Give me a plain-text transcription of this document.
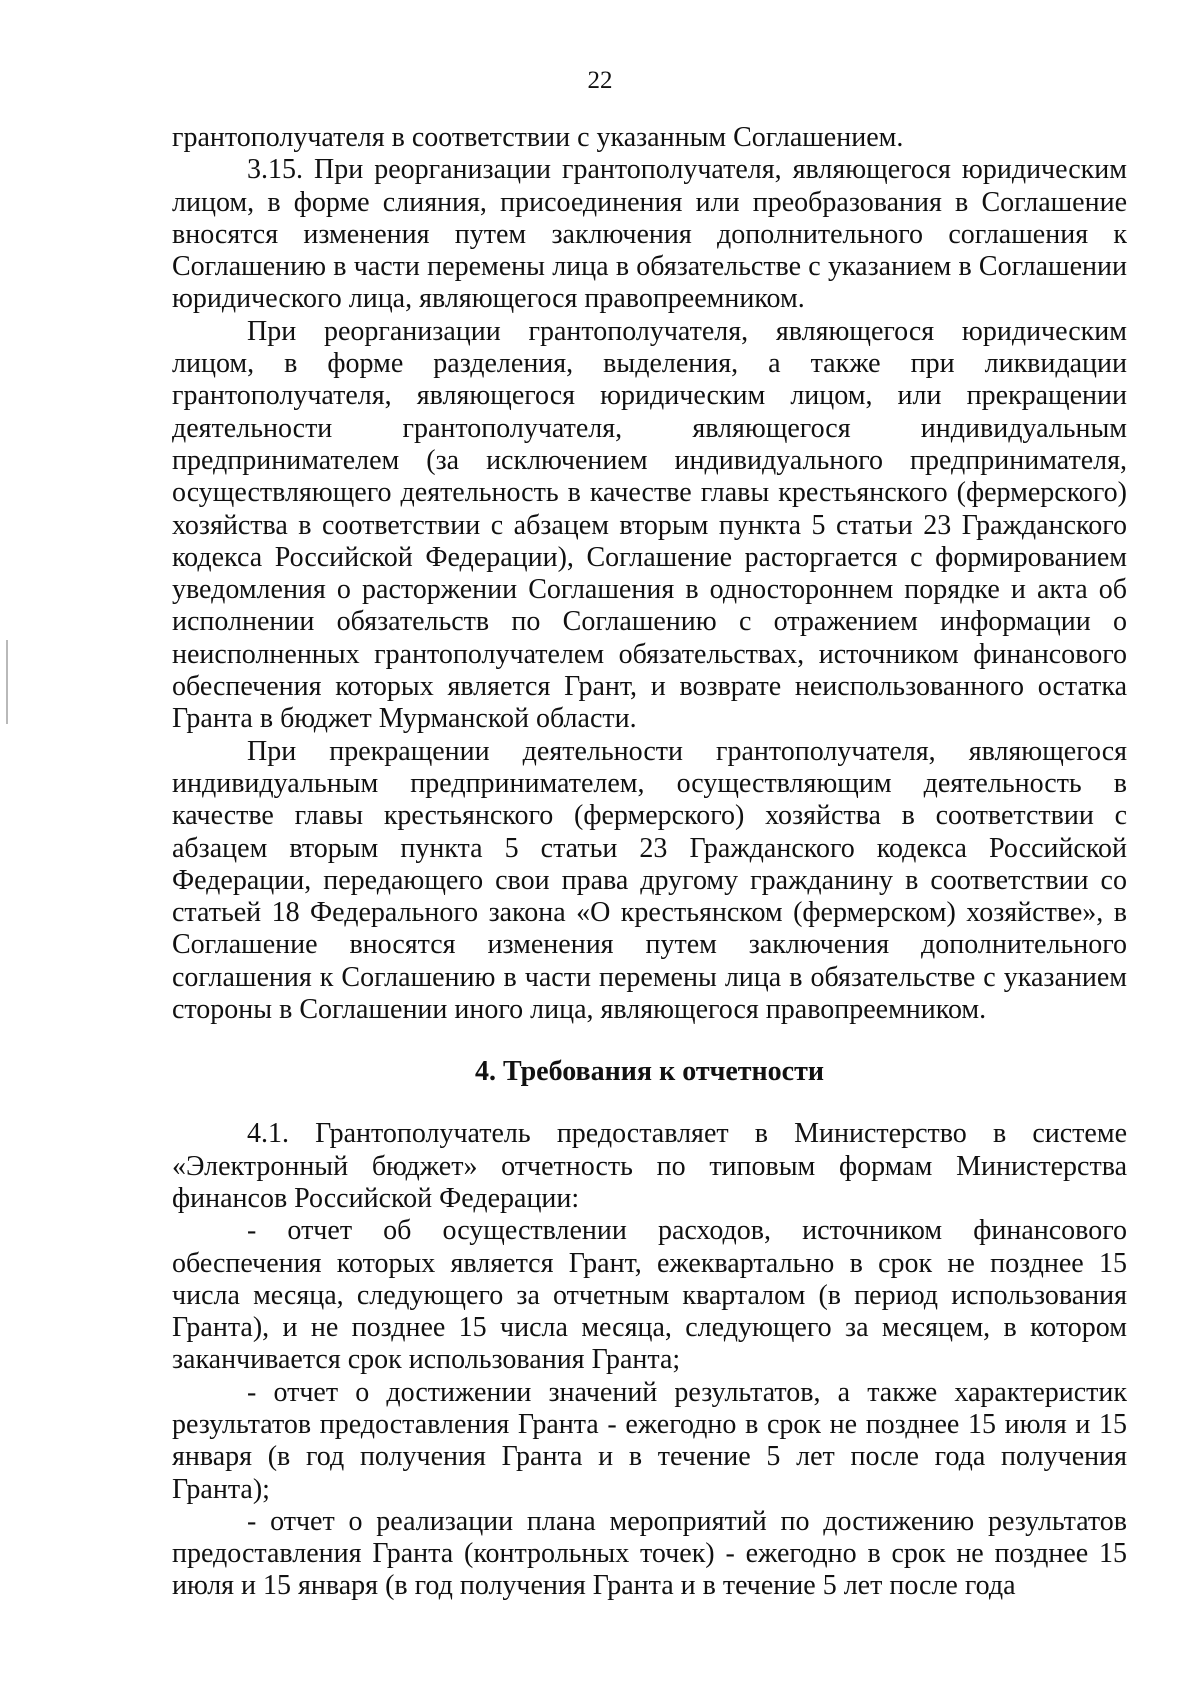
22

грантополучателя в соответствии с указанным Соглашением.

3.15. При реорганизации грантополучателя, являющегося юридическим лицом, в форме слияния, присоединения или преобразования в Соглашение вносятся изменения путем заключения дополнительного соглашения к Соглашению в части перемены лица в обязательстве с указанием в Соглашении юридического лица, являющегося правопреемником.

При реорганизации грантополучателя, являющегося юридическим лицом, в форме разделения, выделения, а также при ликвидации грантополучателя, являющегося юридическим лицом, или прекращении деятельности грантополучателя, являющегося индивидуальным предпринимателем (за исключением индивидуального предпринимателя, осуществляющего деятельность в качестве главы крестьянского (фермерского) хозяйства в соответствии с абзацем вторым пункта 5 статьи 23 Гражданского кодекса Российской Федерации), Соглашение расторгается с формированием уведомления о расторжении Соглашения в одностороннем порядке и акта об исполнении обязательств по Соглашению с отражением информации о неисполненных грантополучателем обязательствах, источником финансового обеспечения которых является Грант, и возврате неиспользованного остатка Гранта в бюджет Мурманской области.

При прекращении деятельности грантополучателя, являющегося индивидуальным предпринимателем, осуществляющим деятельность в качестве главы крестьянского (фермерского) хозяйства в соответствии с абзацем вторым пункта 5 статьи 23 Гражданского кодекса Российской Федерации, передающего свои права другому гражданину в соответствии со статьей 18 Федерального закона «О крестьянском (фермерском) хозяйстве», в Соглашение вносятся изменения путем заключения дополнительного соглашения к Соглашению в части перемены лица в обязательстве с указанием стороны в Соглашении иного лица, являющегося правопреемником.

4. Требования к отчетности

4.1. Грантополучатель предоставляет в Министерство в системе «Электронный бюджет» отчетность по типовым формам Министерства финансов Российской Федерации:

- отчет об осуществлении расходов, источником финансового обеспечения которых является Грант, ежеквартально в срок не позднее 15 числа месяца, следующего за отчетным кварталом (в период использования Гранта), и не позднее 15 числа месяца, следующего за месяцем, в котором заканчивается срок использования Гранта;

- отчет о достижении значений результатов, а также характеристик результатов предоставления Гранта - ежегодно в срок не позднее 15 июля и 15 января (в год получения Гранта и в течение 5 лет после года получения Гранта);

- отчет о реализации плана мероприятий по достижению результатов предоставления Гранта (контрольных точек) - ежегодно в срок не позднее 15 июля и 15 января (в год получения Гранта и в течение 5 лет после года
